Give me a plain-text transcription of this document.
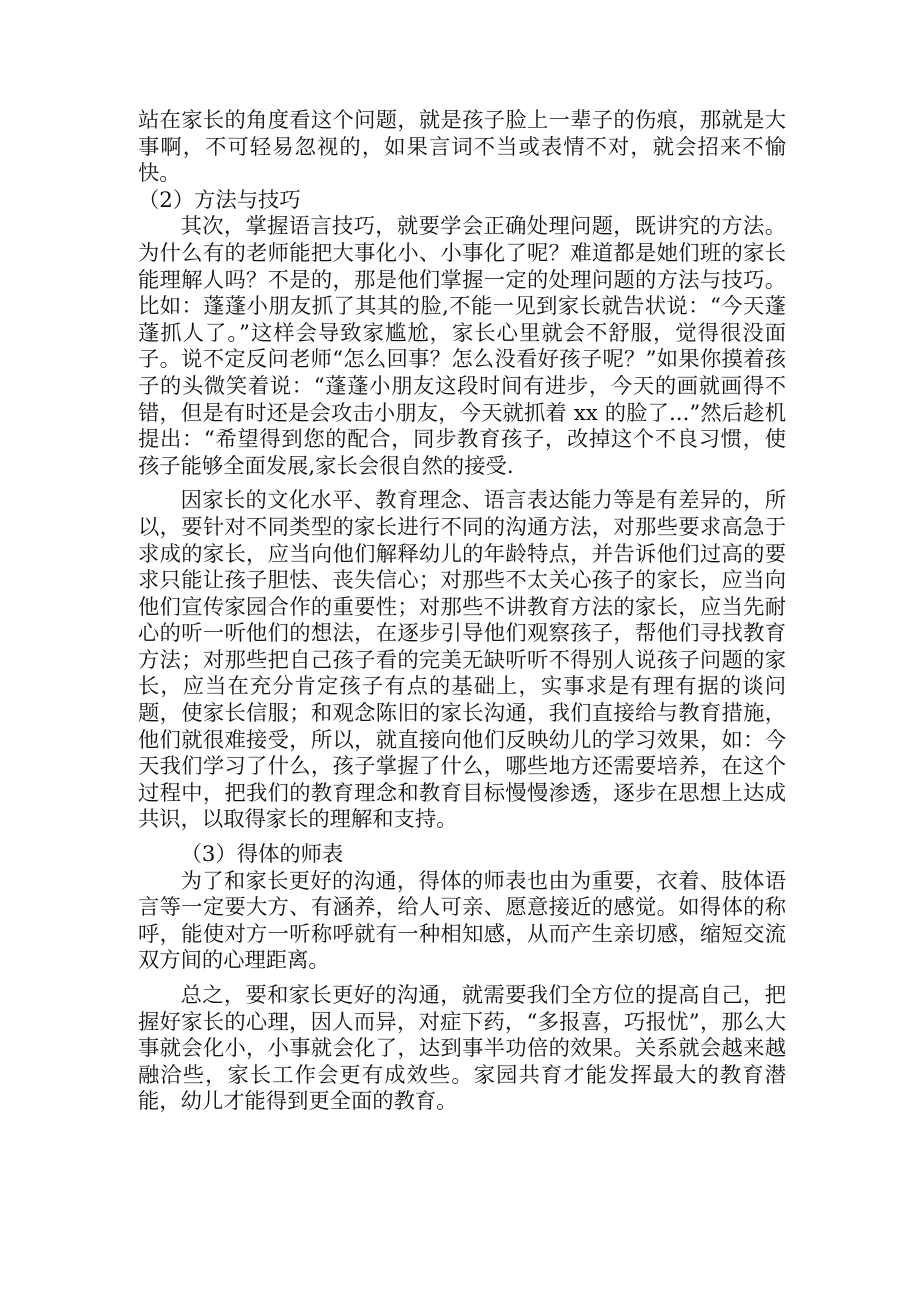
站在家长的角度看这个问题，就是孩子脸上一辈子的伤痕，那就是大事啊，不可轻易忽视的，如果言词不当或表情不对，就会招来不愉快。

（2）方法与技巧

其次，掌握语言技巧，就要学会正确处理问题，既讲究的方法。为什么有的老师能把大事化小、小事化了呢？难道都是她们班的家长能理解人吗？不是的，那是他们掌握一定的处理问题的方法与技巧。比如：蓬蓬小朋友抓了其其的脸,不能一见到家长就告状说：“今天蓬蓬抓人了。”这样会导致家尴尬，家长心里就会不舒服，觉得很没面子。说不定反问老师“怎么回事？怎么没看好孩子呢？”如果你摸着孩子的头微笑着说：“蓬蓬小朋友这段时间有进步，今天的画就画得不错，但是有时还是会攻击小朋友，今天就抓着 xx 的脸了...”然后趁机提出：“希望得到您的配合，同步教育孩子，改掉这个不良习惯，使孩子能够全面发展,家长会很自然的接受.

因家长的文化水平、教育理念、语言表达能力等是有差异的，所以，要针对不同类型的家长进行不同的沟通方法，对那些要求高急于求成的家长，应当向他们解释幼儿的年龄特点，并告诉他们过高的要求只能让孩子胆怯、丧失信心；对那些不太关心孩子的家长，应当向他们宣传家园合作的重要性；对那些不讲教育方法的家长，应当先耐心的听一听他们的想法，在逐步引导他们观察孩子，帮他们寻找教育方法；对那些把自己孩子看的完美无缺听听不得别人说孩子问题的家长，应当在充分肯定孩子有点的基础上，实事求是有理有据的谈问题，使家长信服；和观念陈旧的家长沟通，我们直接给与教育措施，他们就很难接受，所以，就直接向他们反映幼儿的学习效果，如：今天我们学习了什么，孩子掌握了什么，哪些地方还需要培养，在这个过程中，把我们的教育理念和教育目标慢慢渗透，逐步在思想上达成共识，以取得家长的理解和支持。

（3）得体的师表

为了和家长更好的沟通，得体的师表也由为重要，衣着、肢体语言等一定要大方、有涵养，给人可亲、愿意接近的感觉。如得体的称呼，能使对方一听称呼就有一种相知感，从而产生亲切感，缩短交流双方间的心理距离。

总之，要和家长更好的沟通，就需要我们全方位的提高自己，把握好家长的心理，因人而异，对症下药，“多报喜，巧报忧”，那么大事就会化小，小事就会化了，达到事半功倍的效果。关系就会越来越融洽些，家长工作会更有成效些。家园共育才能发挥最大的教育潜能，幼儿才能得到更全面的教育。
